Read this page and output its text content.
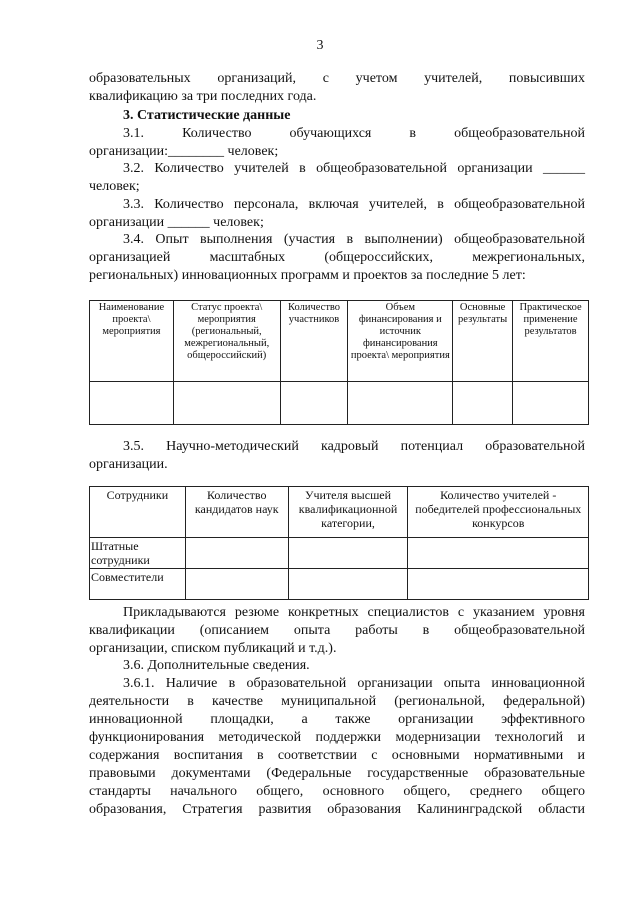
3
образовательных организаций, с учетом учителей, повысивших
квалификацию за три последних года.
3. Статистические данные
3.1. Количество обучающихся в общеобразовательной
организации:________ человек;
3.2. Количество учителей в общеобразовательной организации ______
человек;
3.3. Количество персонала, включая учителей, в общеобразовательной
организации ______ человек;
3.4. Опыт выполнения (участия в выполнении) общеобразовательной
организацией масштабных (общероссийских, межрегиональных,
региональных) инновационных программ и проектов за последние 5 лет:
Наименование проекта\ мероприятия	Статус проекта\ мероприятия (региональный, межрегиональный, общероссийский)	Количество участников	Объем финансирования и источник финансирования проекта\ мероприятия	Основные результаты	Практическое применение результатов

3.5. Научно-методический кадровый потенциал образовательной
организации.
Сотрудники	Количество кандидатов наук	Учителя высшей квалификационной категории,	Количество учителей - победителей профессиональных конкурсов
Штатные сотрудники			
Совместители			
Прикладываются резюме конкретных специалистов с указанием уровня
квалификации (описанием опыта работы в общеобразовательной
организации, списком публикаций и т.д.).
3.6. Дополнительные сведения.
3.6.1. Наличие в образовательной организации опыта инновационной
деятельности в качестве муниципальной (региональной, федеральной)
инновационной площадки, а также организации эффективного
функционирования методической поддержки модернизации технологий и
содержания воспитания в соответствии с основными нормативными и
правовыми документами (Федеральные государственные образовательные
стандарты начального общего, основного общего, среднего общего
образования, Стратегия развития образования Калининградской области
